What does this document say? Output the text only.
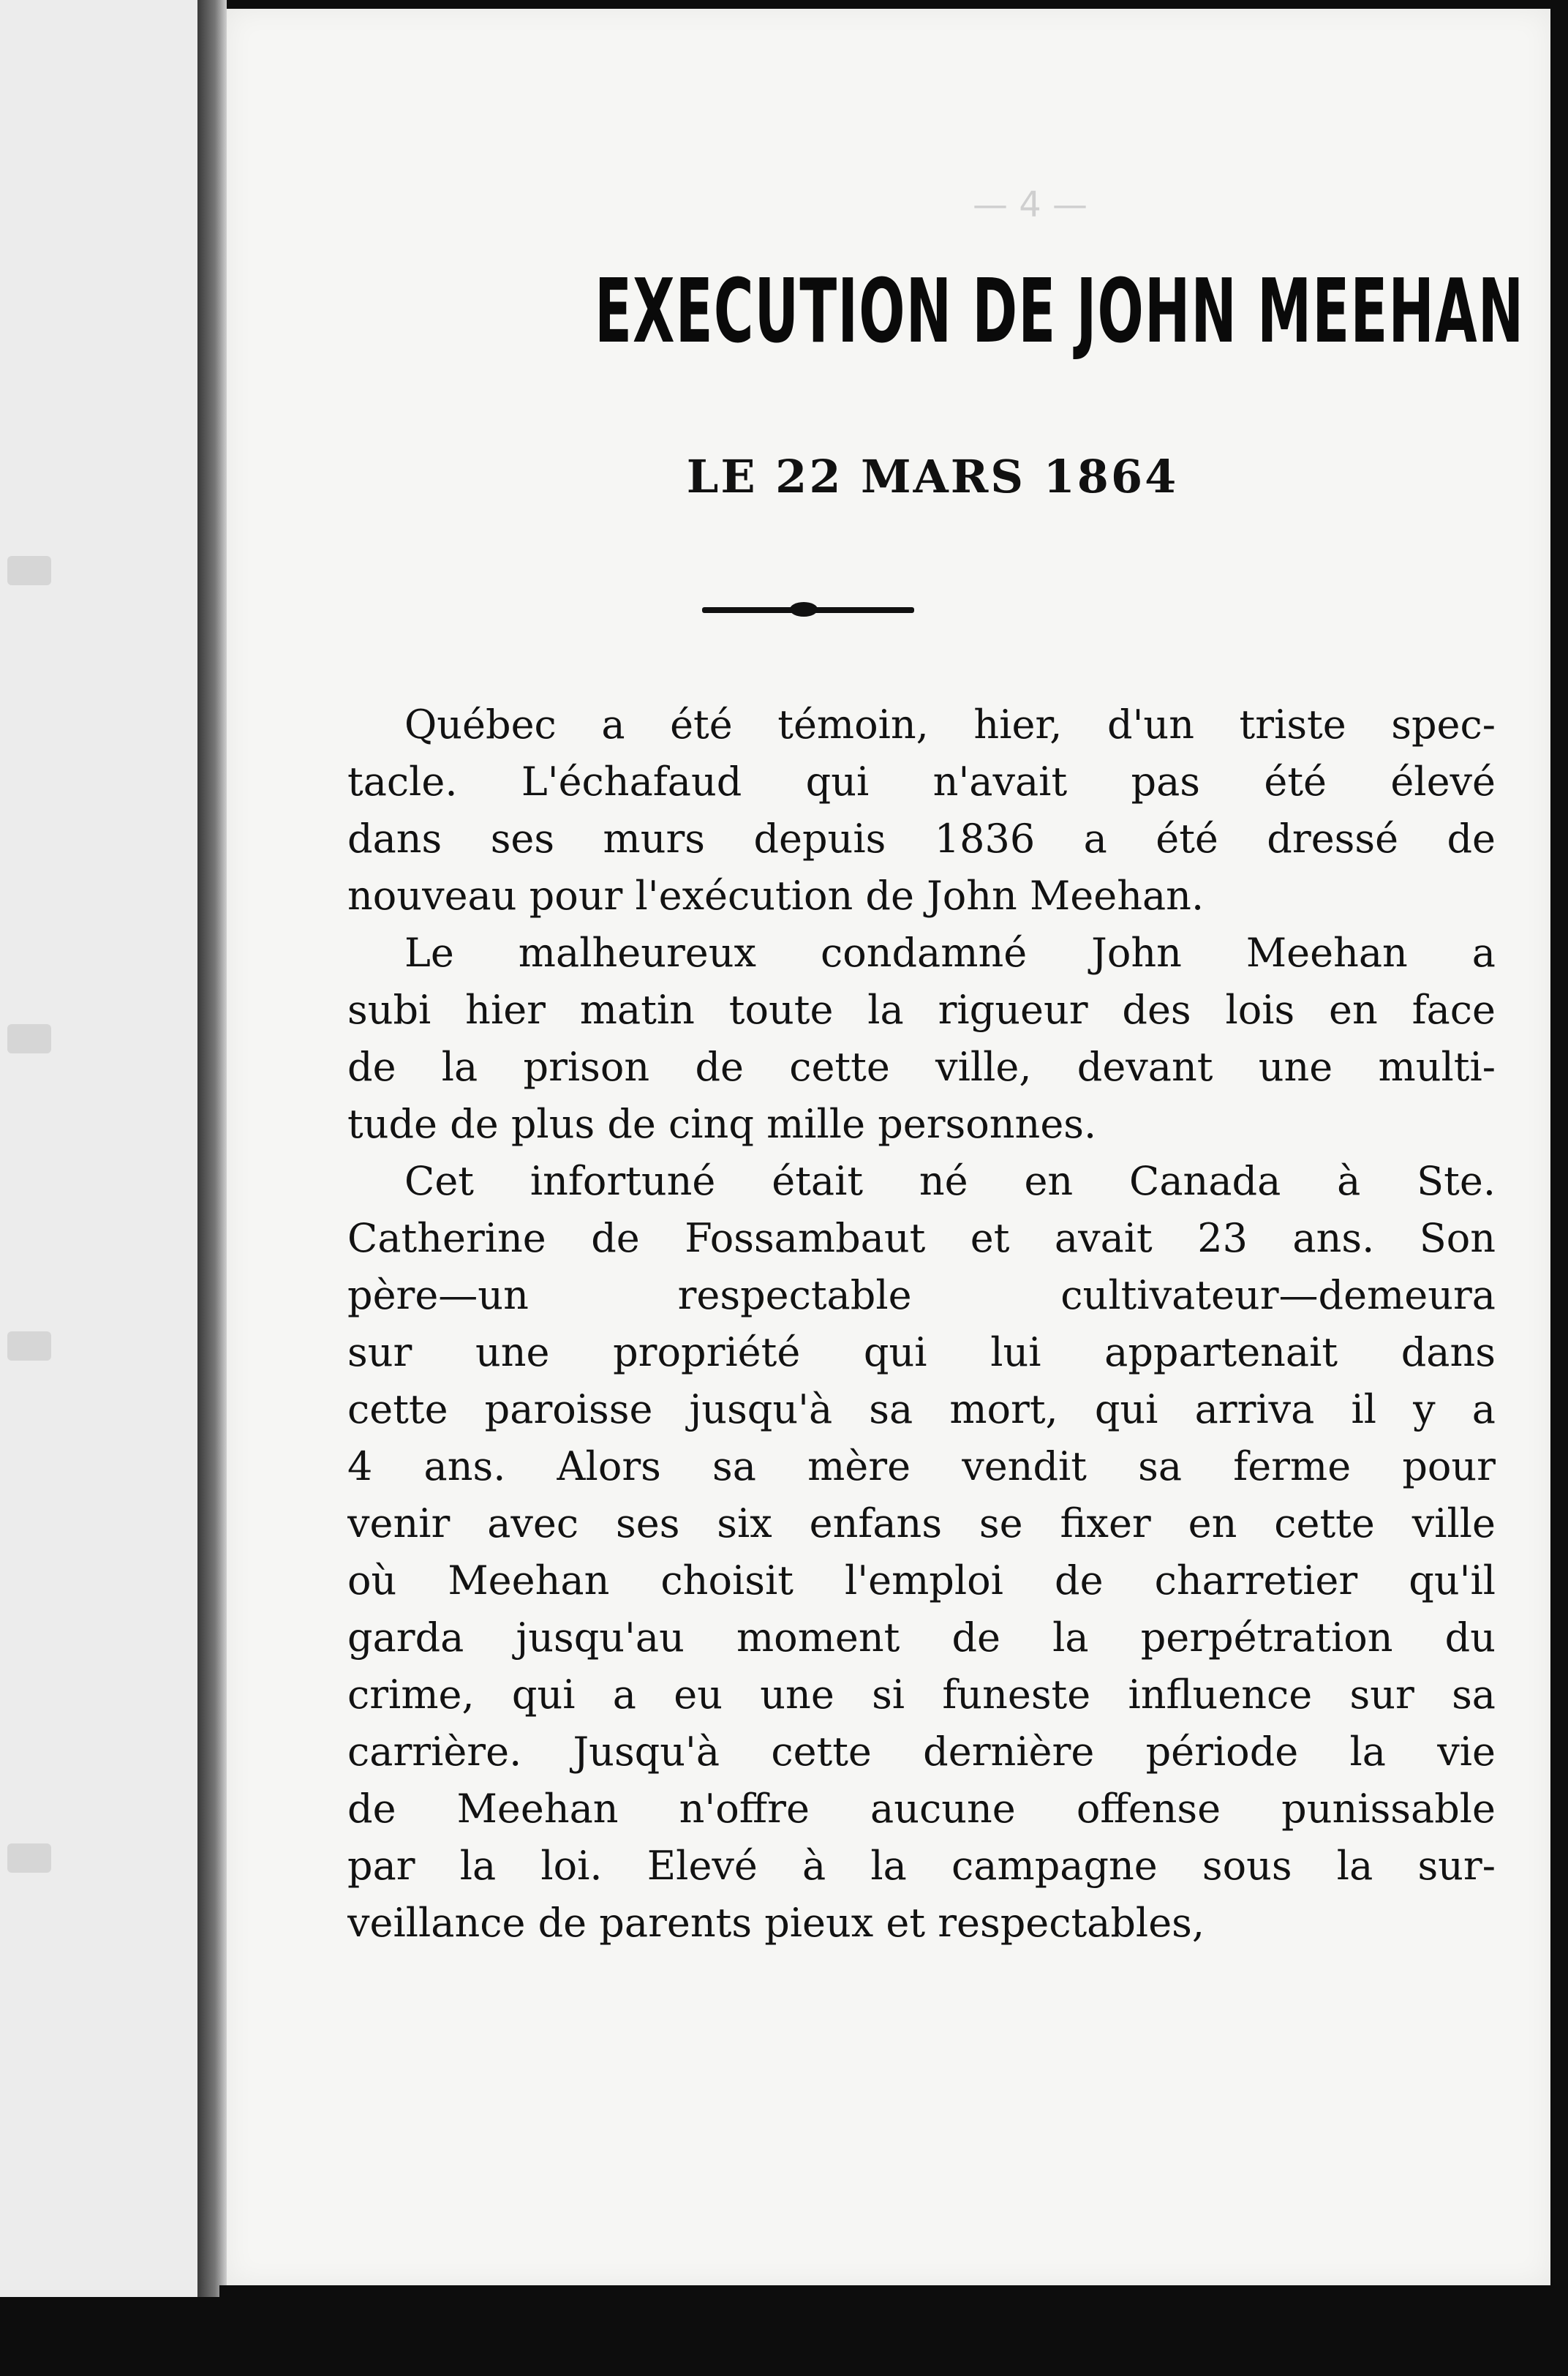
— 4 —
EXECUTION DE JOHN MEEHAN
LE 22 MARS 1864
Québec a été témoin, hier, d'un triste spec-
tacle. L'échafaud qui n'avait pas été élevé
dans ses murs depuis 1836 a été dressé de
nouveau pour l'exécution de John Meehan.
Le malheureux condamné John Meehan a
subi hier matin toute la rigueur des lois en face
de la prison de cette ville, devant une multi-
tude de plus de cinq mille personnes.
Cet infortuné était né en Canada à Ste.
Catherine de Fossambaut et avait 23 ans. Son
père—un respectable cultivateur—demeura
sur une propriété qui lui appartenait dans
cette paroisse jusqu'à sa mort, qui arriva il y a
4 ans. Alors sa mère vendit sa ferme pour
venir avec ses six enfans se fixer en cette ville
où Meehan choisit l'emploi de charretier qu'il
garda jusqu'au moment de la perpétration du
crime, qui a eu une si funeste influence sur sa
carrière. Jusqu'à cette dernière période la vie
de Meehan n'offre aucune offense punissable
par la loi. Elevé à la campagne sous la sur-
veillance de parents pieux et respectables,
